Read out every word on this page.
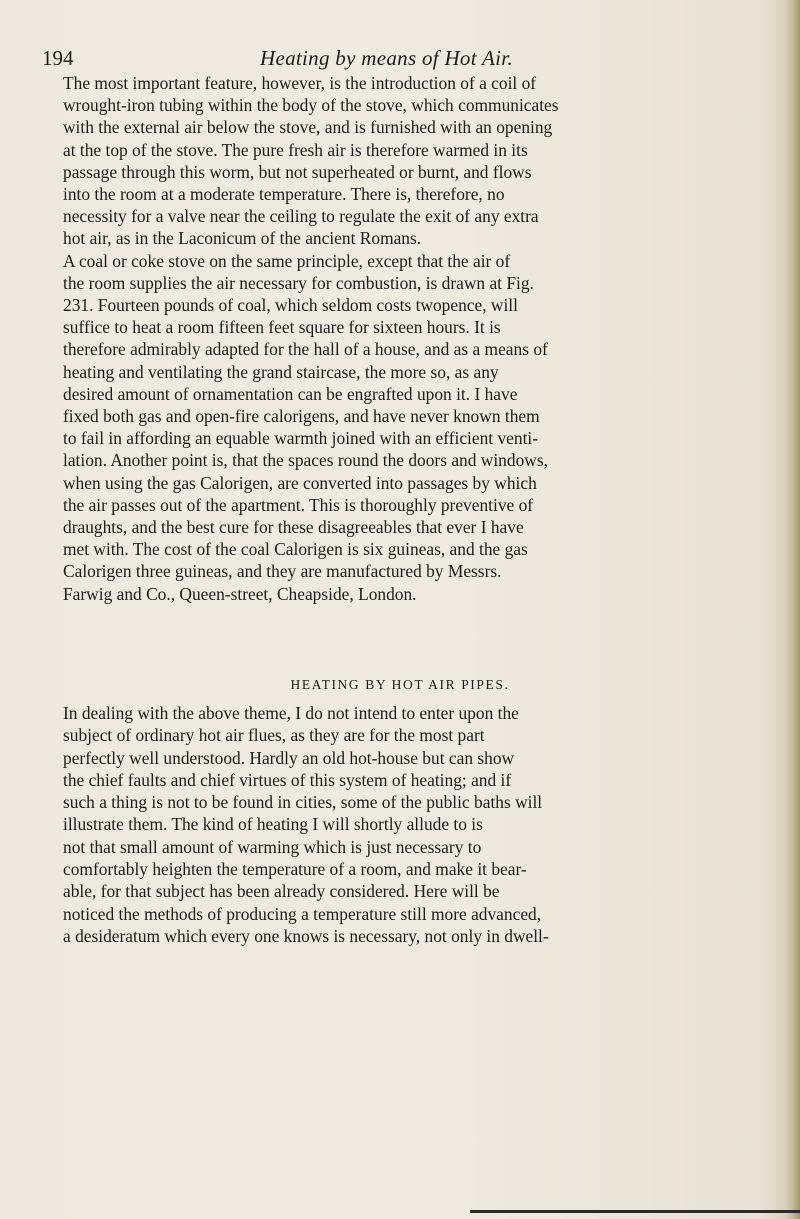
194	Heating by means of Hot Air.

The most important feature, however, is the introduction of a coil of
wrought-iron tubing within the body of the stove, which communicates
with the external air below the stove, and is furnished with an opening
at the top of the stove. The pure fresh air is therefore warmed in its
passage through this worm, but not superheated or burnt, and flows
into the room at a moderate temperature. There is, therefore, no
necessity for a valve near the ceiling to regulate the exit of any extra
hot air, as in the Laconicum of the ancient Romans.

A coal or coke stove on the same principle, except that the air of
the room supplies the air necessary for combustion, is drawn at Fig.
231. Fourteen pounds of coal, which seldom costs twopence, will
suffice to heat a room fifteen feet square for sixteen hours. It is
therefore admirably adapted for the hall of a house, and as a means of
heating and ventilating the grand staircase, the more so, as any
desired amount of ornamentation can be engrafted upon it. I have
fixed both gas and open-fire calorigens, and have never known them
to fail in affording an equable warmth joined with an efficient venti-
lation. Another point is, that the spaces round the doors and windows,
when using the gas Calorigen, are converted into passages by which
the air passes out of the apartment. This is thoroughly preventive of
draughts, and the best cure for these disagreeables that ever I have
met with. The cost of the coal Calorigen is six guineas, and the gas
Calorigen three guineas, and they are manufactured by Messrs.
Farwig and Co., Queen-street, Cheapside, London.

HEATING BY HOT AIR PIPES.

In dealing with the above theme, I do not intend to enter upon the
subject of ordinary hot air flues, as they are for the most part
perfectly well understood. Hardly an old hot-house but can show
the chief faults and chief virtues of this system of heating; and if
such a thing is not to be found in cities, some of the public baths will
illustrate them. The kind of heating I will shortly allude to is
not that small amount of warming which is just necessary to
comfortably heighten the temperature of a room, and make it bear-
able, for that subject has been already considered. Here will be
noticed the methods of producing a temperature still more advanced,
a desideratum which every one knows is necessary, not only in dwell-
